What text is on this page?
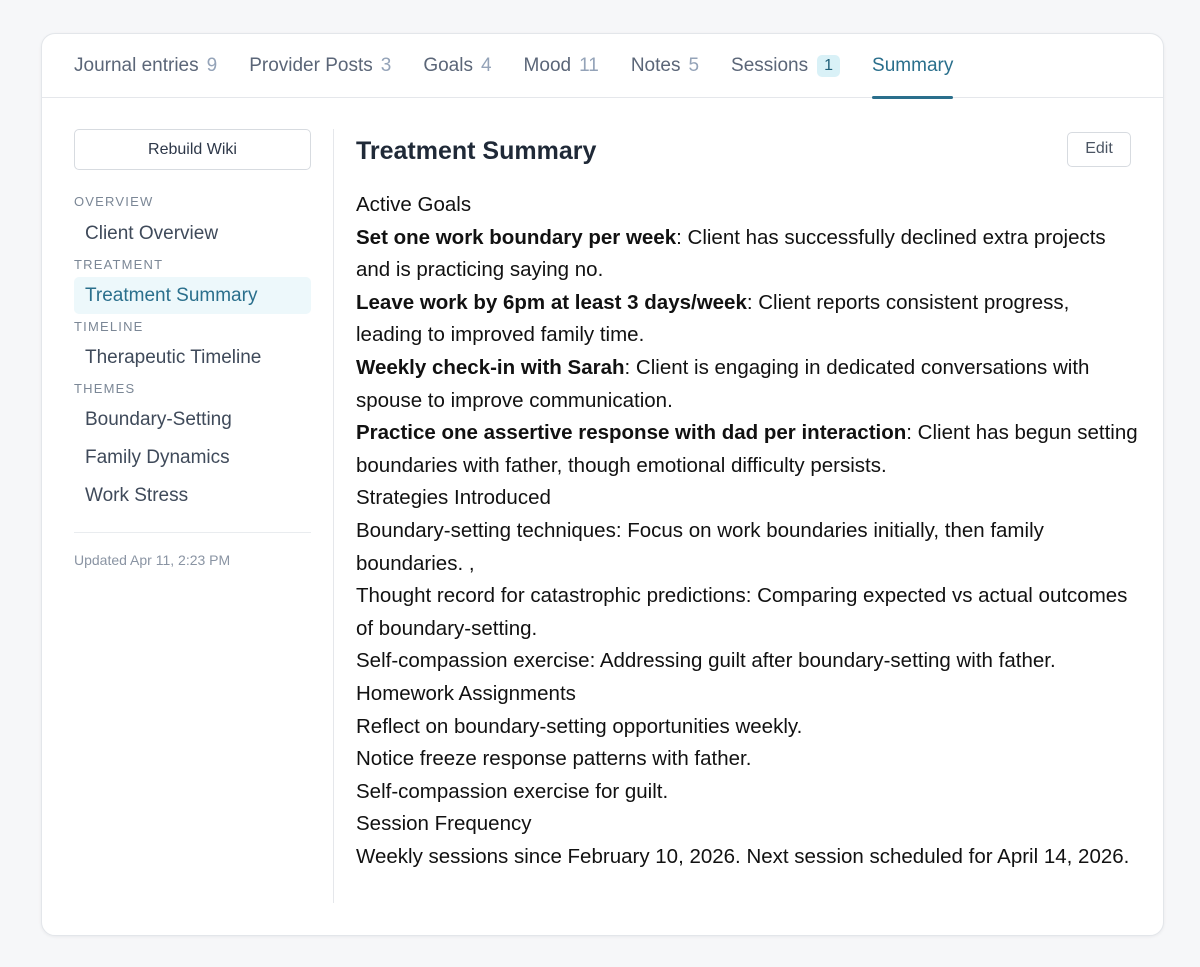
Journal entries 9 Provider Posts 3 Goals 4 Mood 11 Notes 5 Sessions	1	Summary
Rebuild Wiki
OVERVIEW
Client Overview
TREATMENT
Treatment Summary
TIMELINE
Therapeutic Timeline
THEMES
Boundary-Setting
Family Dynamics
Work Stress
Updated Apr 11, 2:23 PM
Treatment Summary	Edit

Active Goals

Set one work boundary per week: Client has successfully declined extra projects and is practicing saying no.

Leave work by 6pm at least 3 days/week: Client reports consistent progress, leading to improved family time.

Weekly check-in with Sarah: Client is engaging in dedicated conversations with spouse to improve communication.

Practice one assertive response with dad per interaction: Client has begun setting boundaries with father, though emotional difficulty persists.

Strategies Introduced

Boundary-setting techniques: Focus on work boundaries initially, then family boundaries. ,

Thought record for catastrophic predictions: Comparing expected vs actual outcomes of boundary-setting.

Self-compassion exercise: Addressing guilt after boundary-setting with father.

Homework Assignments

Reflect on boundary-setting opportunities weekly.

Notice freeze response patterns with father.

Self-compassion exercise for guilt.

Session Frequency

Weekly sessions since February 10, 2026. Next session scheduled for April 14, 2026.
